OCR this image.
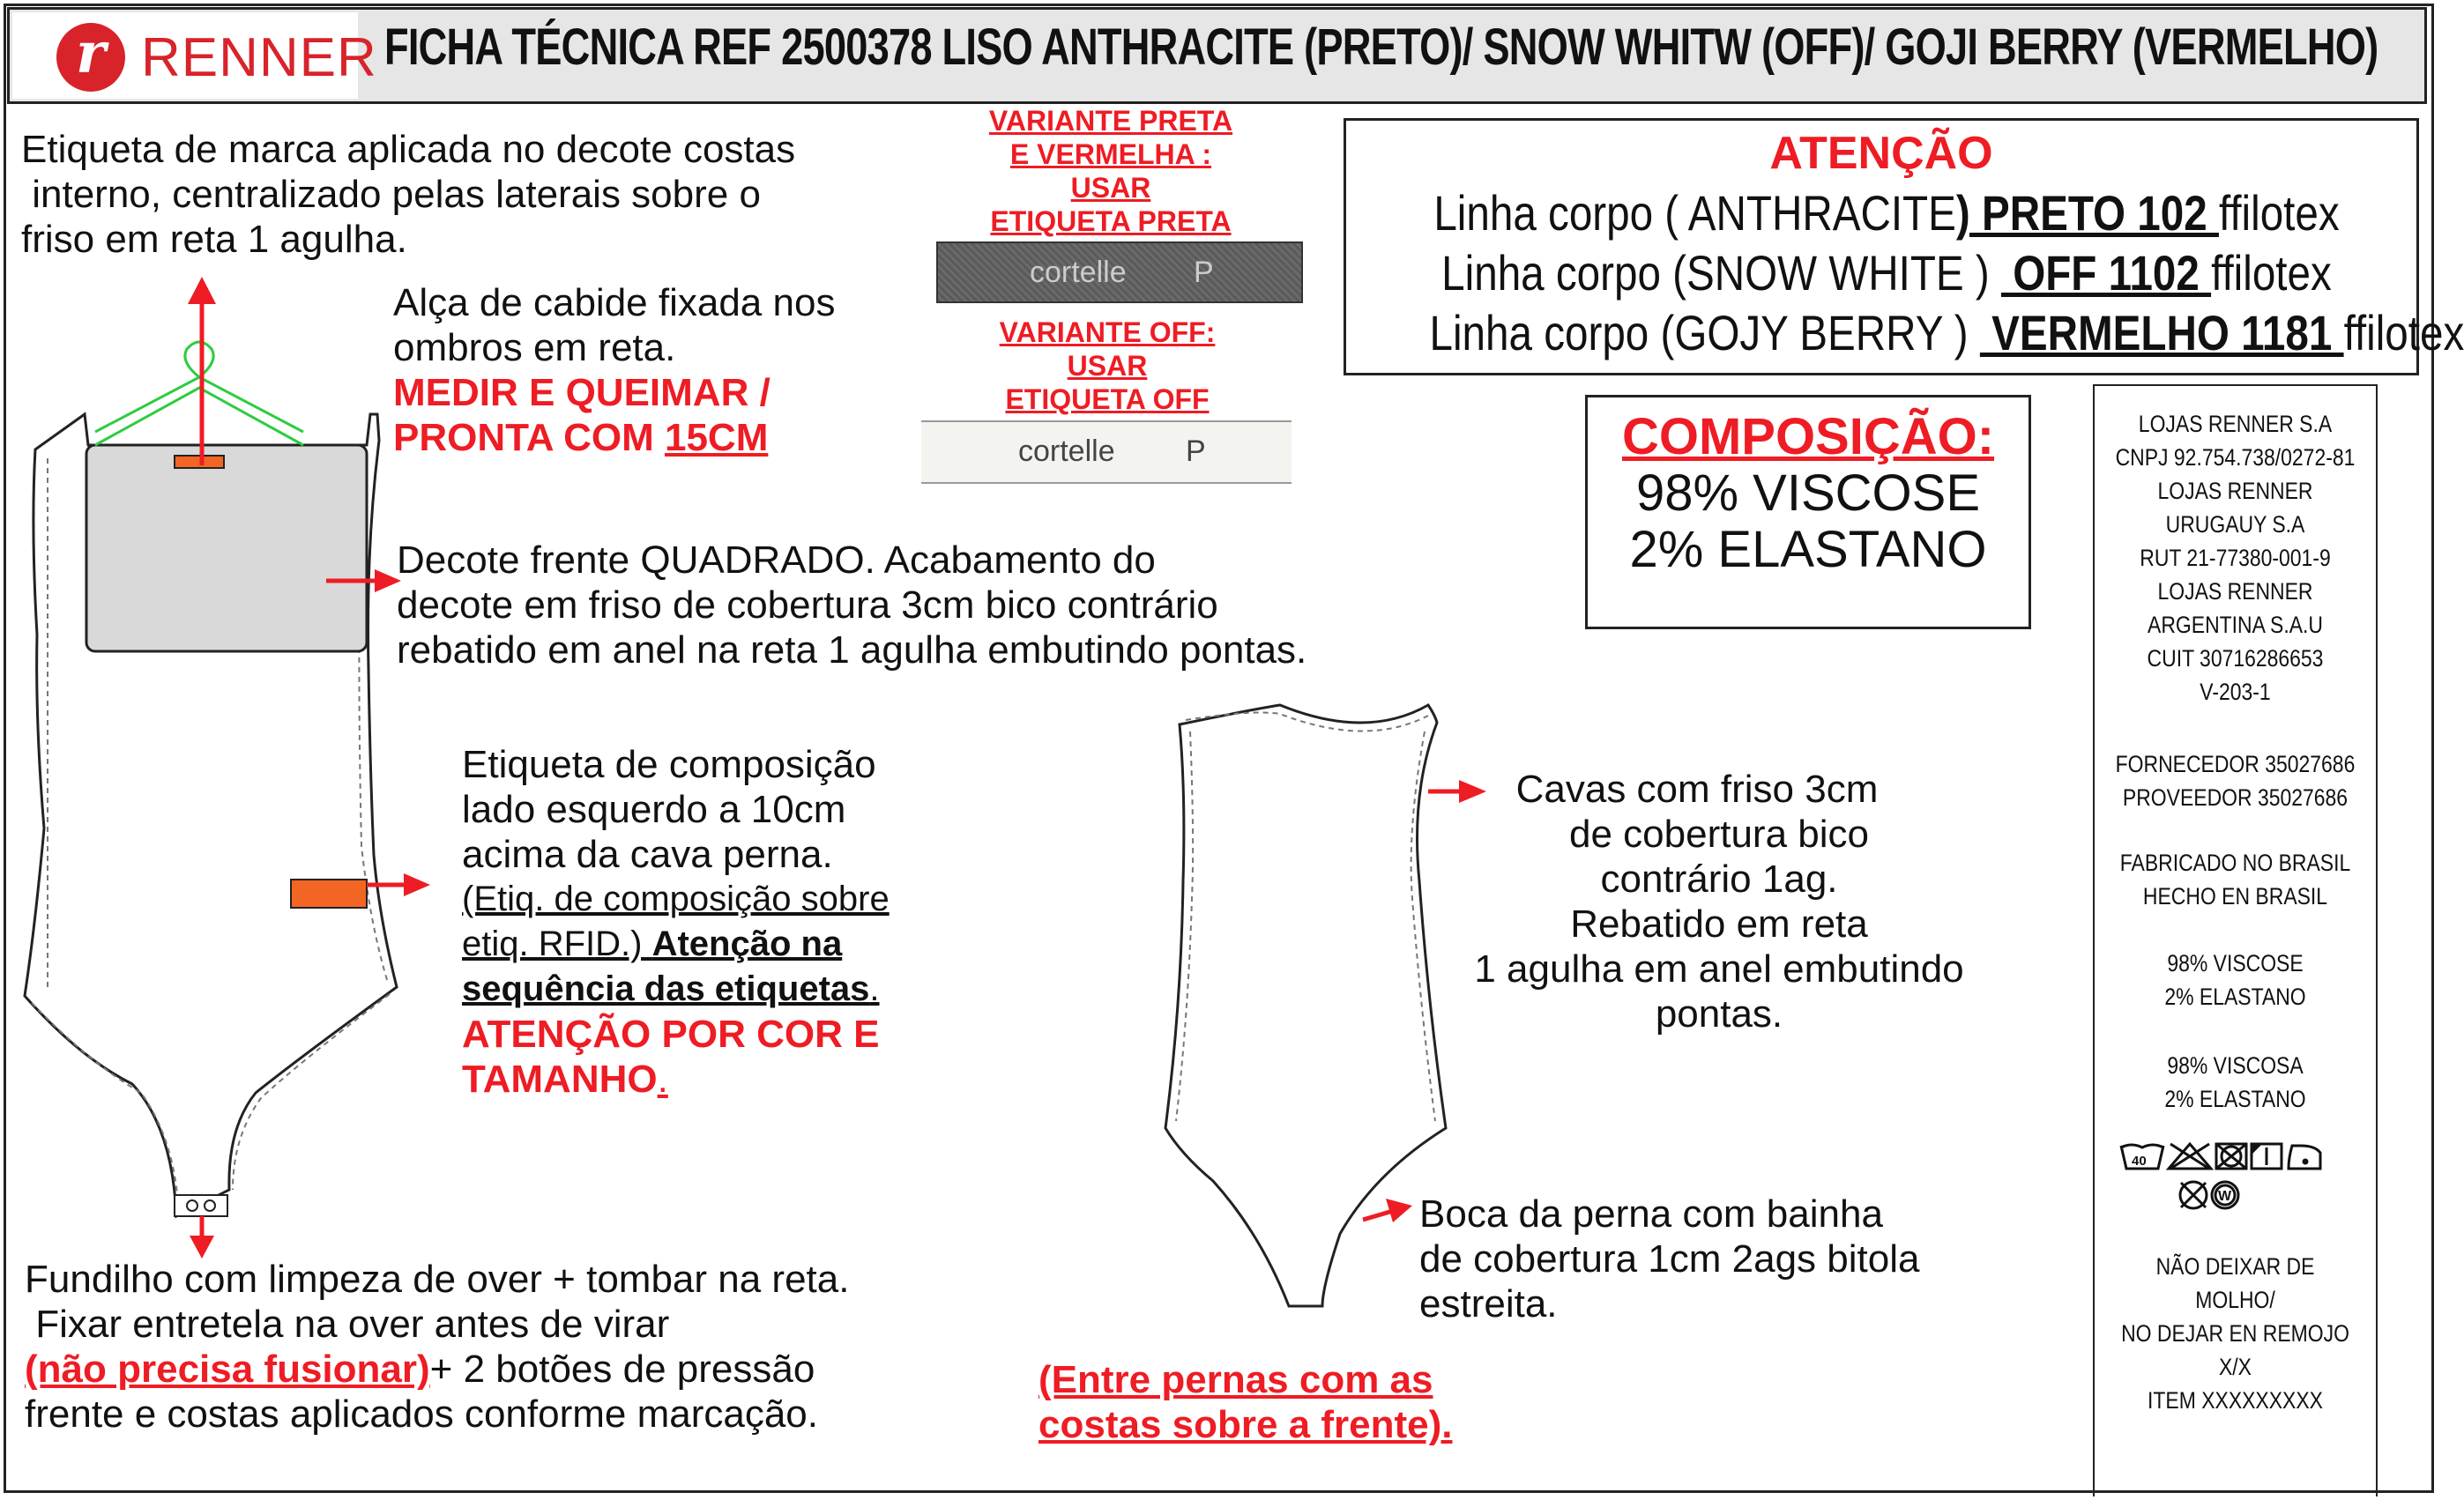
r RENNER FICHA TÉCNICA REF 2500378 LISO ANTHRACITE (PRETO)/ SNOW WHITW (OFF)/ GOJI BERRY (VERMELHO)
Etiqueta de marca aplicada no decote costas
interno, centralizado pelas laterais sobre o
friso em reta 1 agulha.
Alça de cabide fixada nos
ombros em reta.
MEDIR E QUEIMAR /
PRONTA COM 15CM
Decote frente QUADRADO. Acabamento do
decote em friso de cobertura 3cm bico contrário
rebatido em anel na reta 1 agulha embutindo pontas.
Etiqueta de composição
lado esquerdo a 10cm
acima da cava perna.
(Etiq. de composição sobre
etiq. RFID.) Atenção na
sequência das etiquetas.
ATENÇÃO POR COR E
TAMANHO.
Fundilho com limpeza de over + tombar na reta.
Fixar entretela na over antes de virar
(não precisa fusionar)+ 2 botões de pressão
frente e costas aplicados conforme marcação.
Cavas com friso 3cm
de cobertura bico
contrário 1ag.
Rebatido em reta
1 agulha em anel embutindo
pontas.
Boca da perna com bainha
de cobertura 1cm 2ags bitola
estreita.
(Entre pernas com as
costas sobre a frente).
VARIANTE PRETA
E VERMELHA :
USAR
ETIQUETA PRETA
cortelle P
VARIANTE OFF:
USAR
ETIQUETA OFF
cortelle P
ATENÇÃO
Linha corpo ( ANTHRACITE) PRETO 102 ffilotex
Linha corpo (SNOW WHITE )  OFF 1102 ffilotex
Linha corpo (GOJY BERRY )  VERMELHO 1181 ffilotex
COMPOSIÇÃO:
98% VISCOSE
2% ELASTANO
LOJAS RENNER S.A
CNPJ 92.754.738/0272-81
LOJAS RENNER
URUGAUY S.A
RUT 21-77380-001-9
LOJAS RENNER
ARGENTINA S.A.U
CUIT 30716286653
V-203-1
FORNECEDOR 35027686
PROVEEDOR 35027686
FABRICADO NO BRASIL
HECHO EN BRASIL
98% VISCOSE
2% ELASTANO
98% VISCOSA
2% ELASTANO
40
W
NÃO DEIXAR DE MOLHO/
NO DEJAR EN REMOJO
X/X
ITEM XXXXXXXXX
